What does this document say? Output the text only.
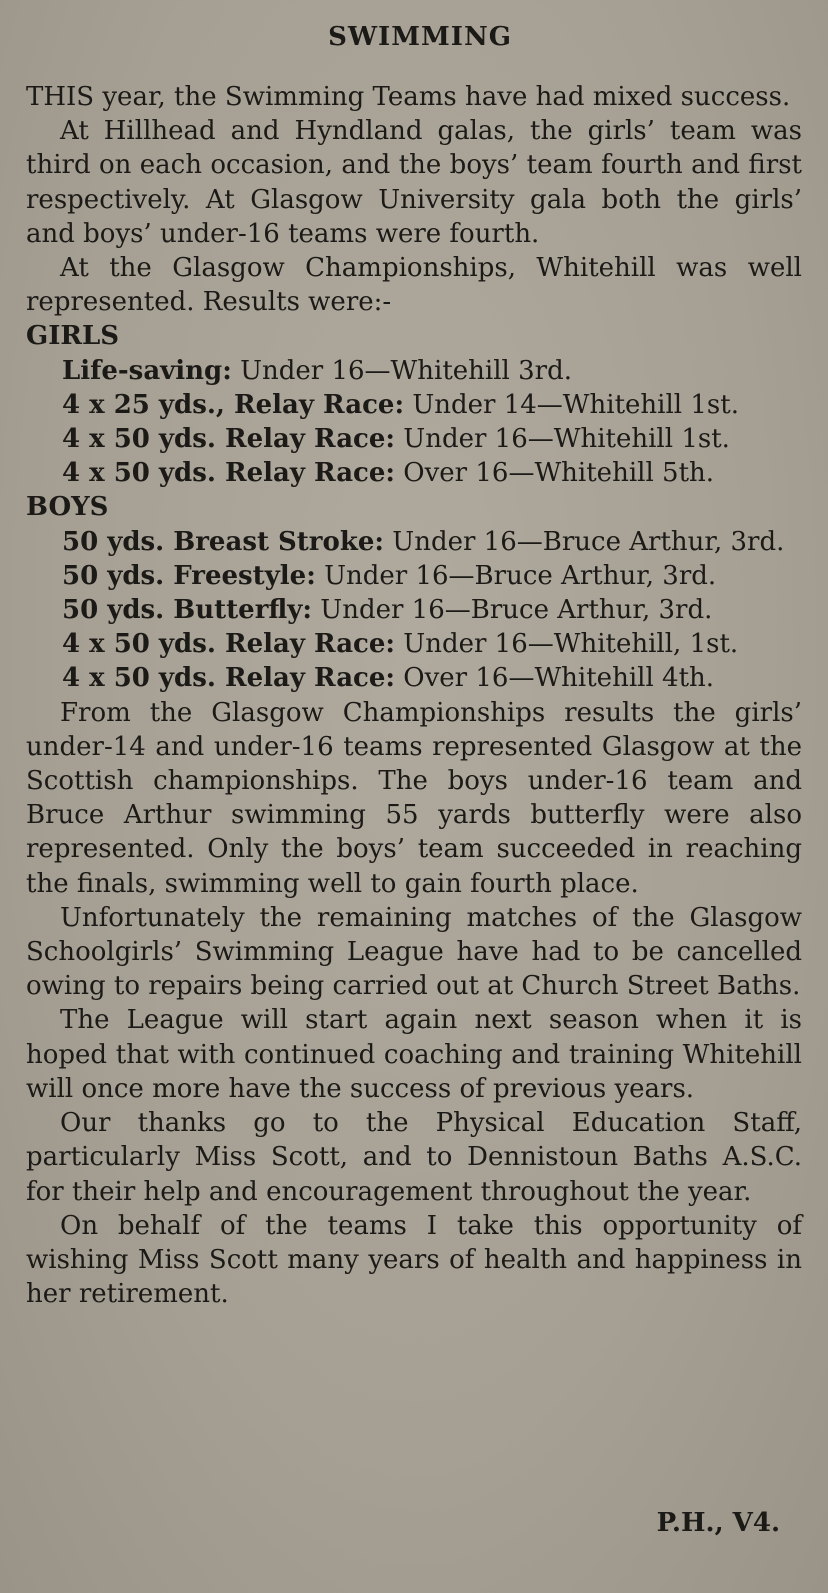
SWIMMING

THIS year, the Swimming Teams have had mixed success.

At Hillhead and Hyndland galas, the girls’ team was third on each occasion, and the boys’ team fourth and first respectively. At Glasgow University gala both the girls’ and boys’ under-16 teams were fourth.

At the Glasgow Championships, Whitehill was well represented. Results were:-

GIRLS

Life-saving: Under 16—Whitehill 3rd.

4 x 25 yds., Relay Race: Under 14—Whitehill 1st.

4 x 50 yds. Relay Race: Under 16—Whitehill 1st.

4 x 50 yds. Relay Race: Over 16—Whitehill 5th.

BOYS

50 yds. Breast Stroke: Under 16—Bruce Arthur, 3rd.

50 yds. Freestyle: Under 16—Bruce Arthur, 3rd.

50 yds. Butterfly: Under 16—Bruce Arthur, 3rd.

4 x 50 yds. Relay Race: Under 16—Whitehill, 1st.

4 x 50 yds. Relay Race: Over 16—Whitehill 4th.

From the Glasgow Championships results the girls’ under-14 and under-16 teams represented Glasgow at the Scottish championships. The boys under-16 team and Bruce Arthur swimming 55 yards butterfly were also represented. Only the boys’ team succeeded in reaching the finals, swimming well to gain fourth place.

Unfortunately the remaining matches of the Glasgow Schoolgirls’ Swimming League have had to be cancelled owing to repairs being carried out at Church Street Baths.

The League will start again next season when it is hoped that with continued coaching and training Whitehill will once more have the success of previous years.

Our thanks go to the Physical Education Staff, particularly Miss Scott, and to Dennistoun Baths A.S.C. for their help and encouragement throughout the year.

On behalf of the teams I take this opportunity of wishing Miss Scott many years of health and happiness in her retirement.

P.H., V4.
